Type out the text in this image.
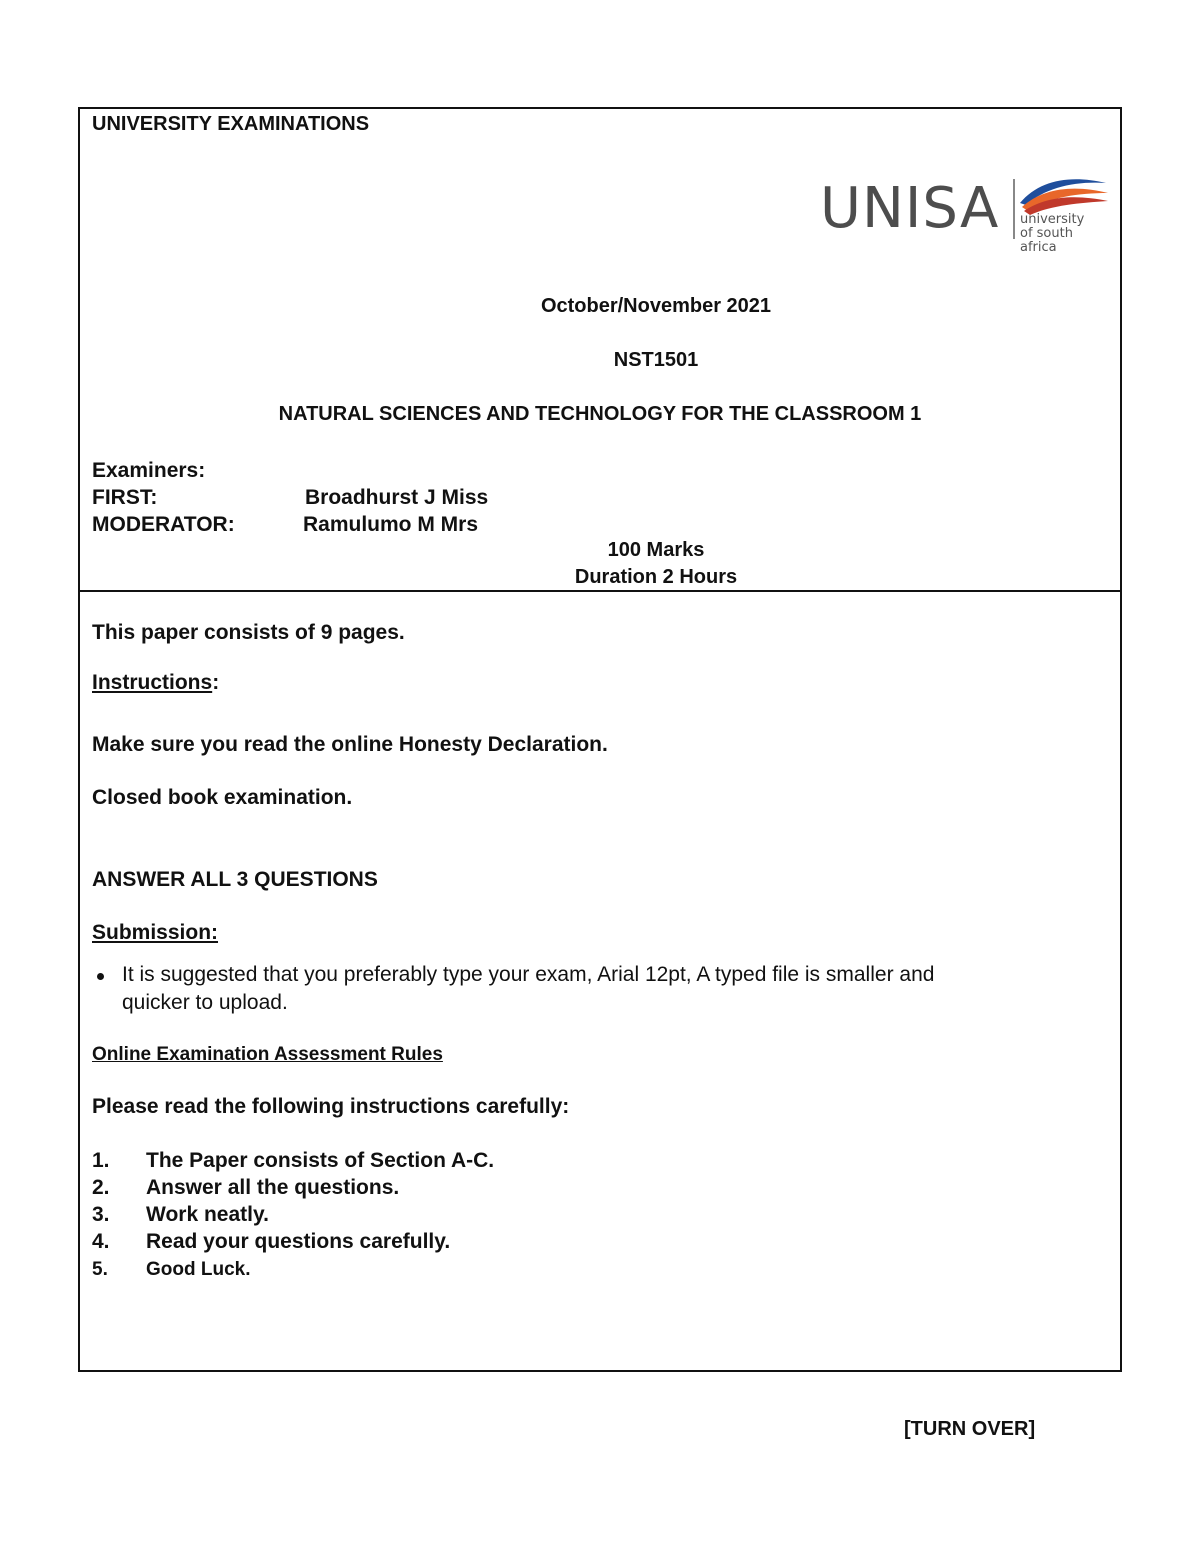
UNIVERSITY EXAMINATIONS
UNISA university
of south africa
October/November 2021
NST1501
NATURAL SCIENCES AND TECHNOLOGY FOR THE CLASSROOM 1
Examiners:
FIRST:	Broadhurst J Miss
MODERATOR:	Ramulumo M Mrs
100 Marks
Duration 2 Hours
This paper consists of 9 pages.
Instructions:
Make sure you read the online Honesty Declaration.
Closed book examination.
ANSWER ALL 3 QUESTIONS
Submission:
It is suggested that you preferably type your exam, Arial 12pt, A typed file is smaller and
quicker to upload.
Online Examination Assessment Rules
Please read the following instructions carefully:
1. The Paper consists of Section A-C.
2. Answer all the questions.
3. Work neatly.
4. Read your questions carefully.
5. Good Luck.
[TURN OVER]
